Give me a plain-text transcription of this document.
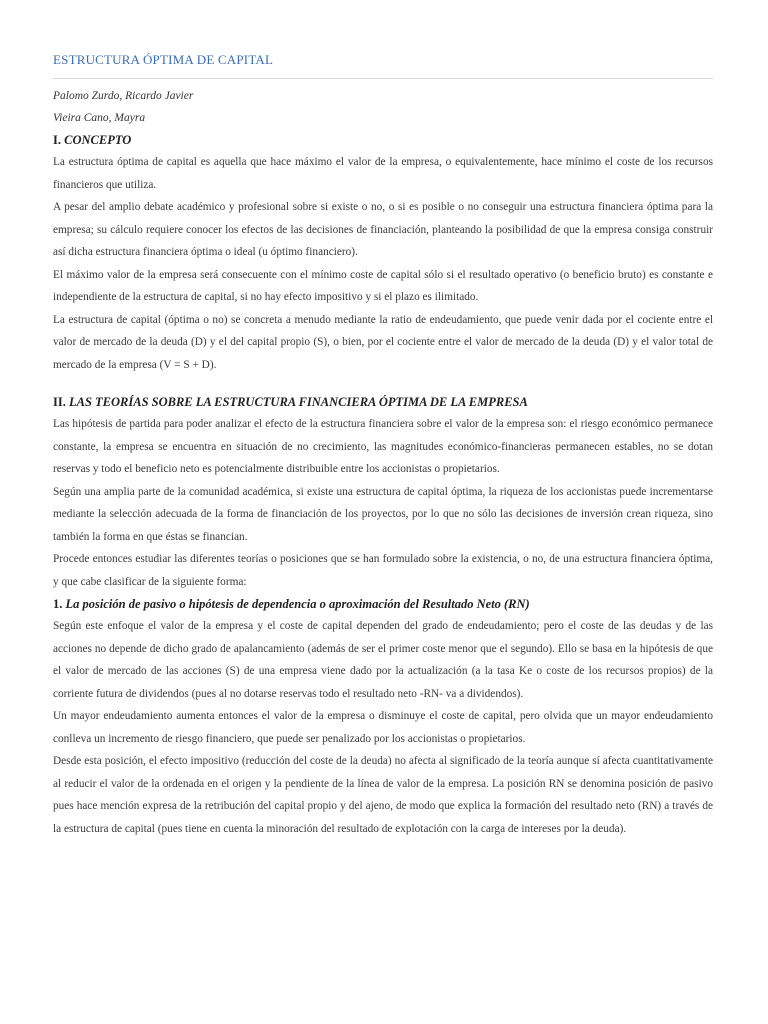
ESTRUCTURA ÓPTIMA DE CAPITAL

Palomo Zurdo, Ricardo Javier

Vieira Cano, Mayra

I. CONCEPTO

La estructura óptima de capital es aquella que hace máximo el valor de la empresa, o equivalentemente, hace mínimo el coste de los recursos financieros que utiliza.

A pesar del amplio debate académico y profesional sobre si existe o no, o si es posible o no conseguir una estructura financiera óptima para la empresa; su cálculo requiere conocer los efectos de las decisiones de financiación, planteando la posibilidad de que la empresa consiga construir así dicha estructura financiera óptima o ideal (u óptimo financiero).

El máximo valor de la empresa será consecuente con el mínimo coste de capital sólo si el resultado operativo (o beneficio bruto) es constante e independiente de la estructura de capital, si no hay efecto impositivo y si el plazo es ilimitado.

La estructura de capital (óptima o no) se concreta a menudo mediante la ratio de endeudamiento, que puede venir dada por el cociente entre el valor de mercado de la deuda (D) y el del capital propio (S), o bien, por el cociente entre el valor de mercado de la deuda (D) y el valor total de mercado de la empresa (V = S + D).

II. LAS TEORÍAS SOBRE LA ESTRUCTURA FINANCIERA ÓPTIMA DE LA EMPRESA

Las hipótesis de partida para poder analizar el efecto de la estructura financiera sobre el valor de la empresa son: el riesgo económico permanece constante, la empresa se encuentra en situación de no crecimiento, las magnitudes económico-financieras permanecen estables, no se dotan reservas y todo el beneficio neto es potencialmente distribuible entre los accionistas o propietarios.

Según una amplia parte de la comunidad académica, si existe una estructura de capital óptima, la riqueza de los accionistas puede incrementarse mediante la selección adecuada de la forma de financiación de los proyectos, por lo que no sólo las decisiones de inversión crean riqueza, sino también la forma en que éstas se financian.

Procede entonces estudiar las diferentes teorías o posiciones que se han formulado sobre la existencia, o no, de una estructura financiera óptima, y que cabe clasificar de la siguiente forma:

1. La posición de pasivo o hipótesis de dependencia o aproximación del Resultado Neto (RN)

Según este enfoque el valor de la empresa y el coste de capital dependen del grado de endeudamiento; pero el coste de las deudas y de las acciones no depende de dicho grado de apalancamiento (además de ser el primer coste menor que el segundo). Ello se basa en la hipótesis de que el valor de mercado de las acciones (S) de una empresa viene dado por la actualización (a la tasa Ke o coste de los recursos propios) de la corriente futura de dividendos (pues al no dotarse reservas todo el resultado neto -RN- va a dividendos).

Un mayor endeudamiento aumenta entonces el valor de la empresa o disminuye el coste de capital, pero olvida que un mayor endeudamiento conlleva un incremento de riesgo financiero, que puede ser penalizado por los accionistas o propietarios.

Desde esta posición, el efecto impositivo (reducción del coste de la deuda) no afecta al significado de la teoría aunque sí afecta cuantitativamente al reducir el valor de la ordenada en el origen y la pendiente de la línea de valor de la empresa. La posición RN se denomina posición de pasivo pues hace mención expresa de la retribución del capital propio y del ajeno, de modo que explica la formación del resultado neto (RN) a través de la estructura de capital (pues tiene en cuenta la minoración del resultado de explotación con la carga de intereses por la deuda).
